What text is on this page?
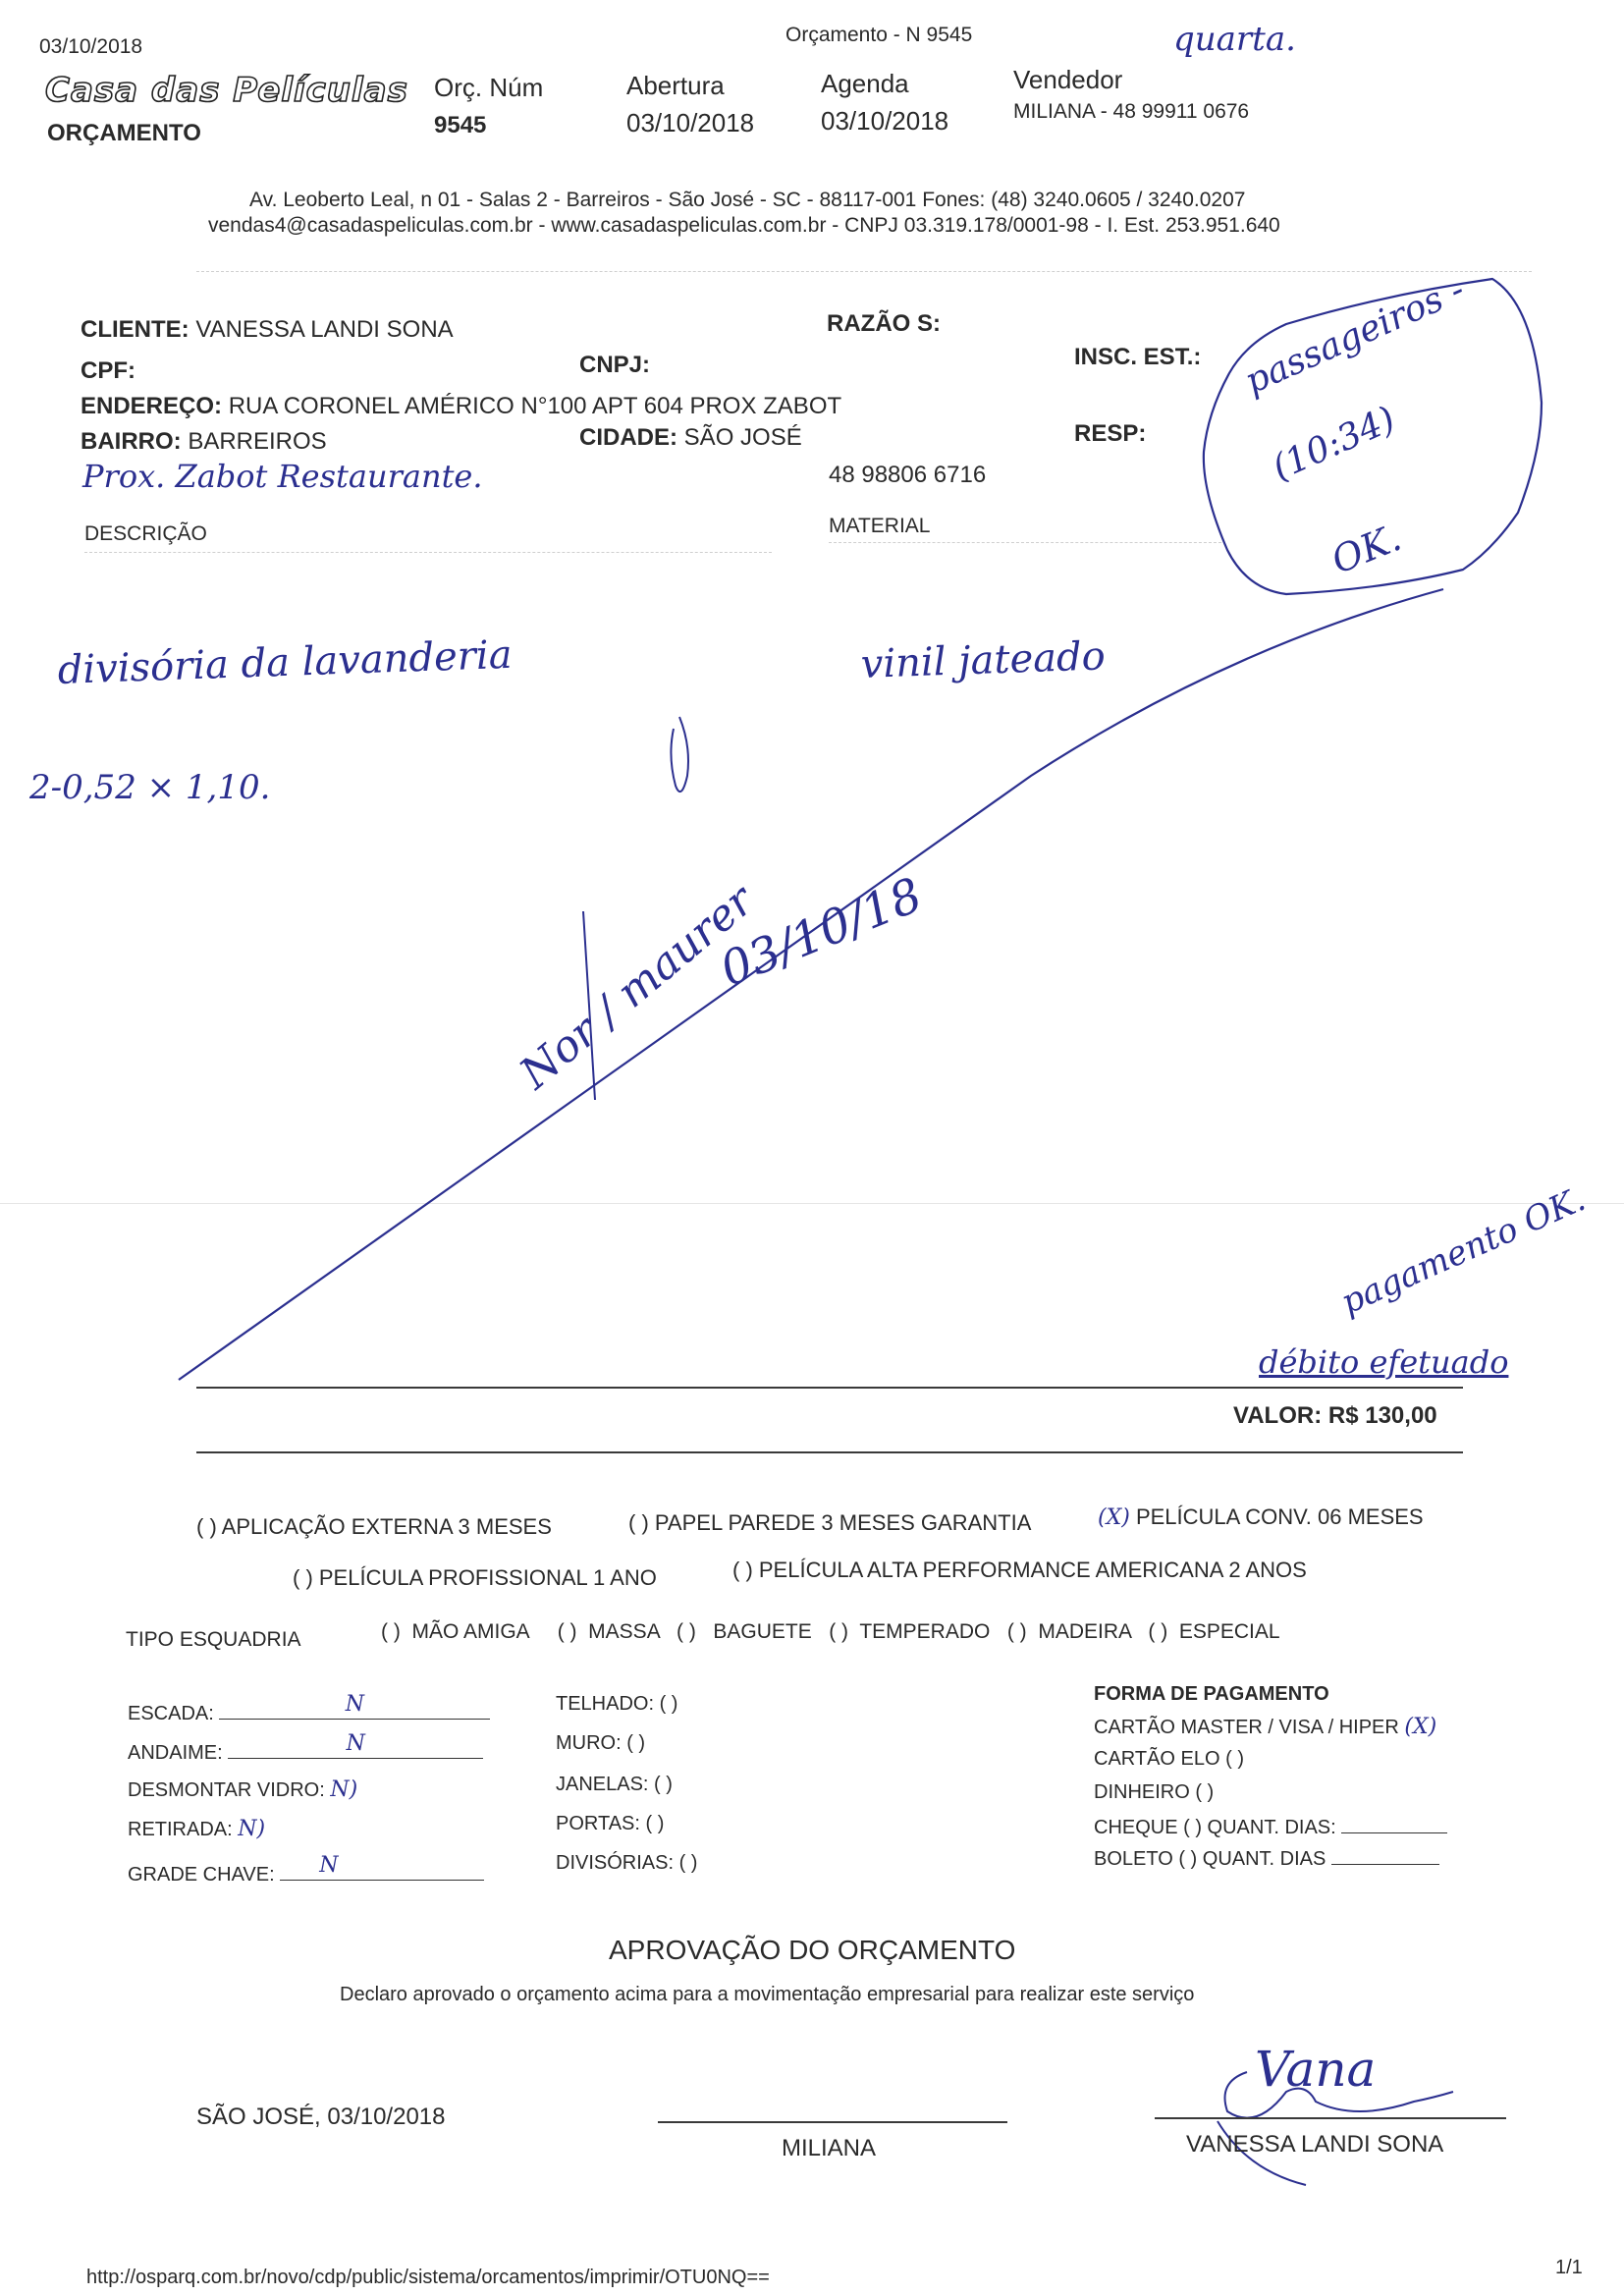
03/10/2018
Orçamento - N 9545	quarta.
Casa das Películas
ORÇAMENTO
Orç. Núm
9545
Abertura
03/10/2018
Agenda
03/10/2018
Vendedor
MILIANA - 48 99911 0676
Av. Leoberto Leal, n 01 - Salas 2 - Barreiros - São José - SC - 88117-001 Fones: (48) 3240.0605 / 3240.0207
vendas4@casadaspeliculas.com.br - www.casadaspeliculas.com.br - CNPJ 03.319.178/0001-98 - I. Est. 253.951.640
CLIENTE: VANESSA LANDI SONA	RAZÃO S:
CPF:	CNPJ:	INSC. EST.:
ENDEREÇO: RUA CORONEL AMÉRICO N°100 APT 604 PROX ZABOT
BAIRRO: BARREIROS	CIDADE: SÃO JOSÉ	RESP:
48 98806 6716
Prox. Zabot Restaurante.
passageiros -
(10:34)
OK.
DESCRIÇÃO	MATERIAL
divisória da lavanderia	vinil jateado
2-0,52 × 1,10.
Nor / maurer
03/10/18
pagamento OK.
débito efetuado
VALOR: R$ 130,00
( ) APLICAÇÃO EXTERNA 3 MESES	( ) PAPEL PAREDE 3 MESES GARANTIA	(X) PELÍCULA CONV. 06 MESES
( ) PELÍCULA PROFISSIONAL 1 ANO	( ) PELÍCULA ALTA PERFORMANCE AMERICANA 2 ANOS
TIPO ESQUADRIA	( )  MÃO AMIGA     ( )  MASSA   ( )   BAGUETE   ( )  TEMPERADO   ( )  MADEIRA   ( )  ESPECIAL
ESCADA:	N
ANDAIME:	N
DESMONTAR VIDRO: N)
RETIRADA: N)
GRADE CHAVE:	N
TELHADO: ( )
MURO: ( )
JANELAS: ( )
PORTAS: ( )
DIVISÓRIAS: ( )
FORMA DE PAGAMENTO
CARTÃO MASTER / VISA / HIPER (X)
CARTÃO ELO ( )
DINHEIRO ( )
CHEQUE ( ) QUANT. DIAS:
BOLETO ( ) QUANT. DIAS
APROVAÇÃO DO ORÇAMENTO
Declaro aprovado o orçamento acima para a movimentação empresarial para realizar este serviço
SÃO JOSÉ, 03/10/2018
MILIANA
Vana
VANESSA LANDI SONA
http://osparq.com.br/novo/cdp/public/sistema/orcamentos/imprimir/OTU0NQ==	1/1
